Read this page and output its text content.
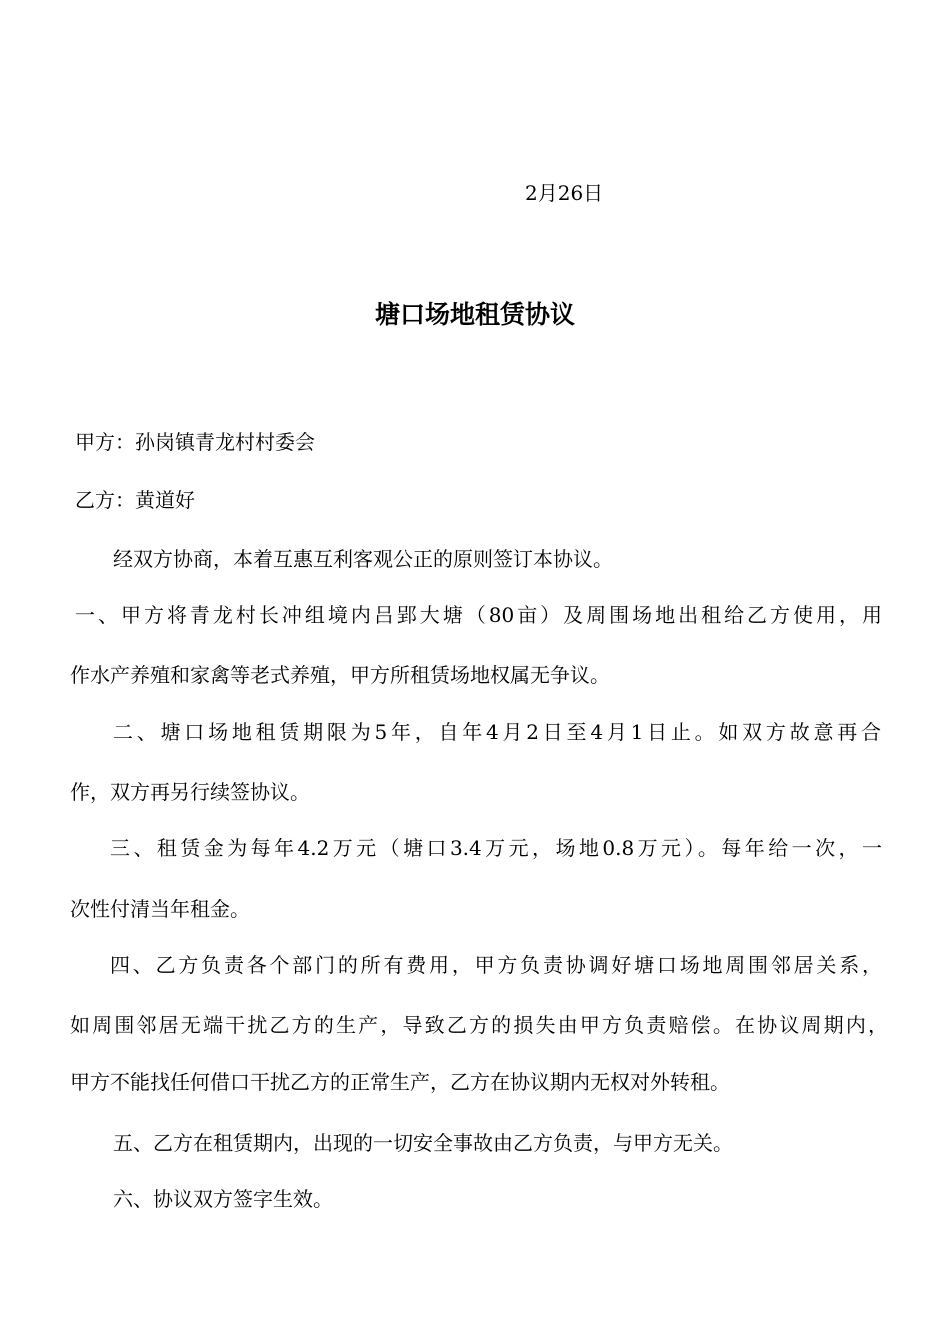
2月26日

塘口场地租赁协议

甲方：孙岗镇青龙村村委会

乙方：黄道好

经双方协商，本着互惠互利客观公正的原则签订本协议。

一、甲方将青龙村长冲组境内吕郢大塘（80亩）及周围场地出租给乙方使用，用

作水产养殖和家禽等老式养殖，甲方所租赁场地权属无争议。

二、塘口场地租赁期限为5年，自年4月2日至4月1日止。如双方故意再合

作，双方再另行续签协议。

三、租赁金为每年4.2万元（塘口3.4万元，场地0.8万元）。每年给一次，一

次性付清当年租金。

四、乙方负责各个部门的所有费用，甲方负责协调好塘口场地周围邻居关系，

如周围邻居无端干扰乙方的生产，导致乙方的损失由甲方负责赔偿。在协议周期内，

甲方不能找任何借口干扰乙方的正常生产，乙方在协议期内无权对外转租。

五、乙方在租赁期内，出现的一切安全事故由乙方负责，与甲方无关。

六、协议双方签字生效。
